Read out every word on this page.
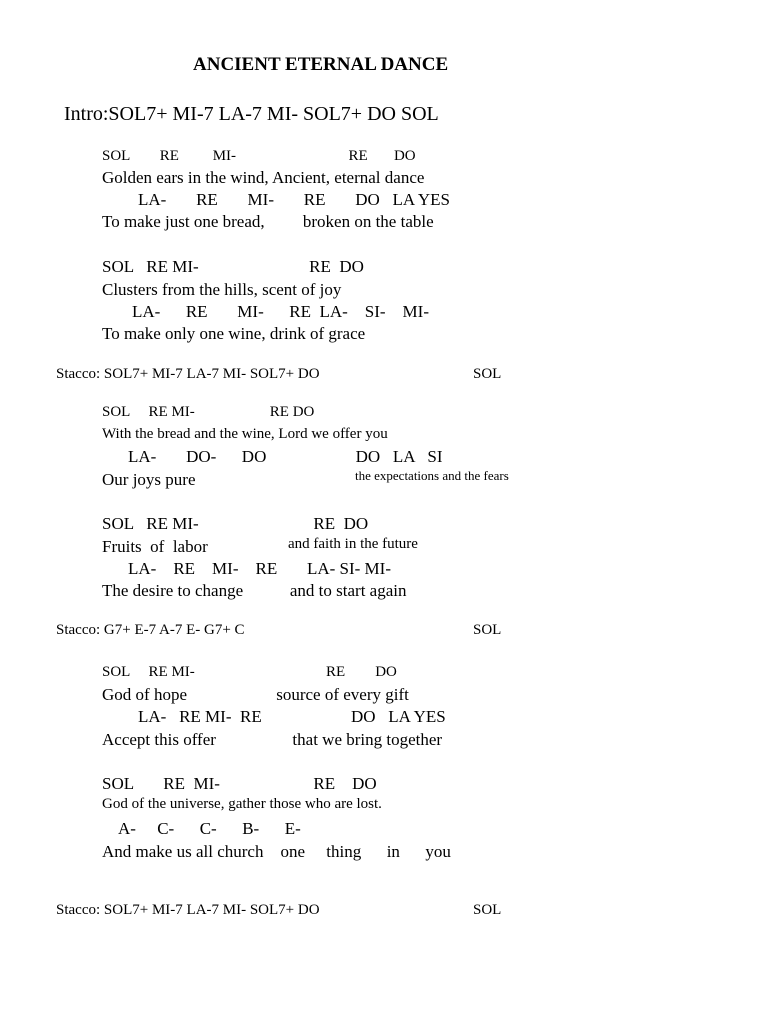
ANCIENT ETERNAL DANCE
Intro:SOL7+ MI-7 LA-7 MI- SOL7+ DO SOL
SOL        RE         MI-                              RE       DO
Golden ears in the wind, Ancient, eternal dance
LA-       RE       MI-       RE       DO   LA YES
To make just one bread,         broken on the table
SOL   RE MI-                          RE  DO
Clusters from the hills, scent of joy
LA-      RE       MI-      RE  LA-    SI-    MI-
To make only one wine, drink of grace
Stacco: SOL7+ MI-7 LA-7 MI- SOL7+ DO	SOL
SOL     RE MI-                    RE DO
With the bread and the wine, Lord we offer you
LA-       DO-      DO                     DO   LA   SI
Our joys pure	the expectations and the fears
SOL   RE MI-                           RE  DO
Fruits  of  labor	and faith in the future
LA-    RE    MI-    RE       LA- SI- MI-
The desire to change           and to start again
Stacco: G7+ E-7 A-7 E- G7+ C	SOL
SOL     RE MI-                                   RE        DO
God of hope                     source of every gift
LA-   RE MI-  RE                     DO   LA YES
Accept this offer                  that we bring together
SOL       RE  MI-                      RE    DO
God of the universe, gather those who are lost.
A-     C-      C-      B-      E-
And make us all church    one     thing      in      you
Stacco: SOL7+ MI-7 LA-7 MI- SOL7+ DO	SOL
